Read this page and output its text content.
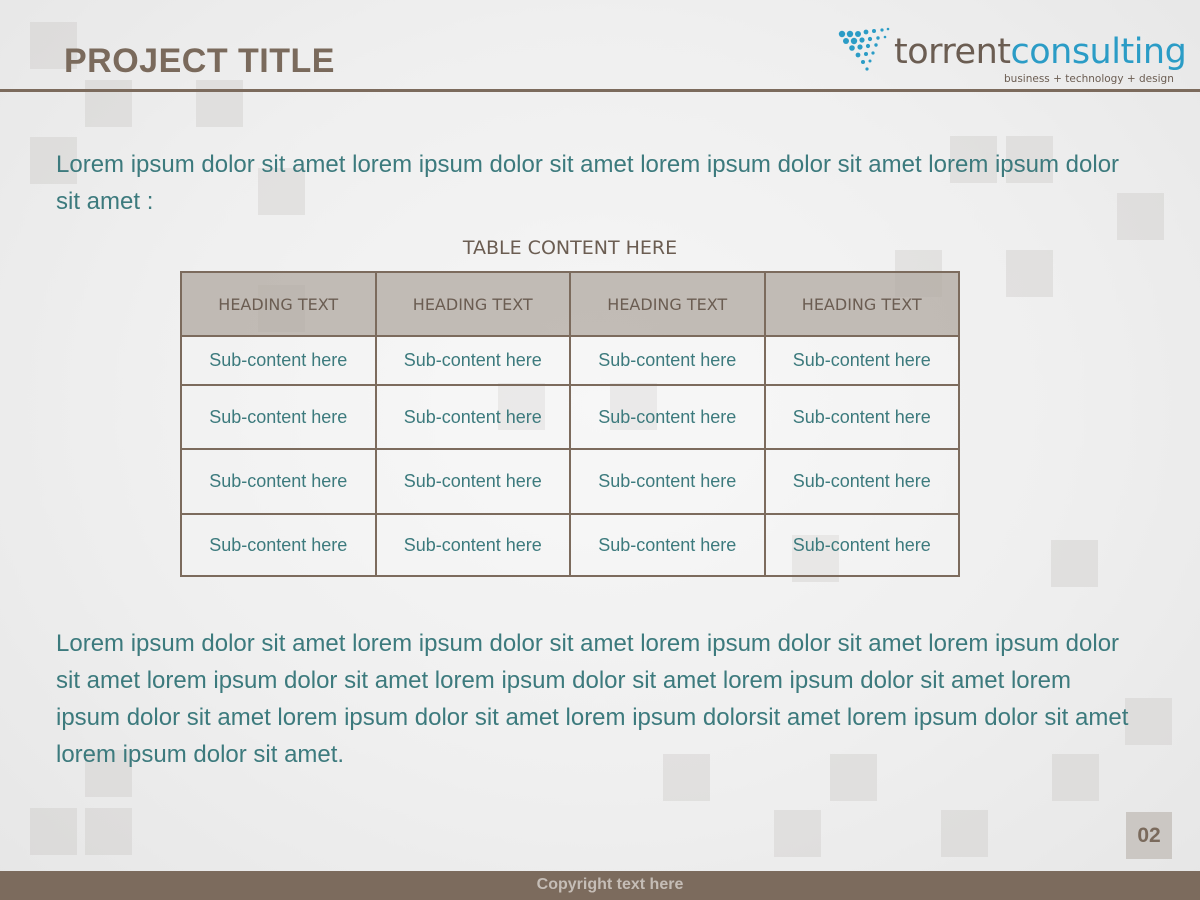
PROJECT TITLE	torrentconsulting
business + technology + design
Lorem ipsum dolor sit amet lorem ipsum dolor sit amet lorem ipsum dolor sit amet lorem ipsum dolor sit amet :
TABLE CONTENT HERE
HEADING TEXT	HEADING TEXT	HEADING TEXT	HEADING TEXT
Sub-content here	Sub-content here	Sub-content here	Sub-content here
Sub-content here	Sub-content here	Sub-content here	Sub-content here
Sub-content here	Sub-content here	Sub-content here	Sub-content here
Sub-content here	Sub-content here	Sub-content here	Sub-content here
Lorem ipsum dolor sit amet lorem ipsum dolor sit amet lorem ipsum dolor sit amet lorem ipsum dolor sit amet lorem ipsum dolor sit amet lorem ipsum dolor sit amet lorem ipsum dolor sit amet lorem ipsum dolor sit amet lorem ipsum dolor sit amet lorem ipsum dolorsit amet lorem ipsum dolor sit amet lorem ipsum dolor sit amet.
02
Copyright text here
